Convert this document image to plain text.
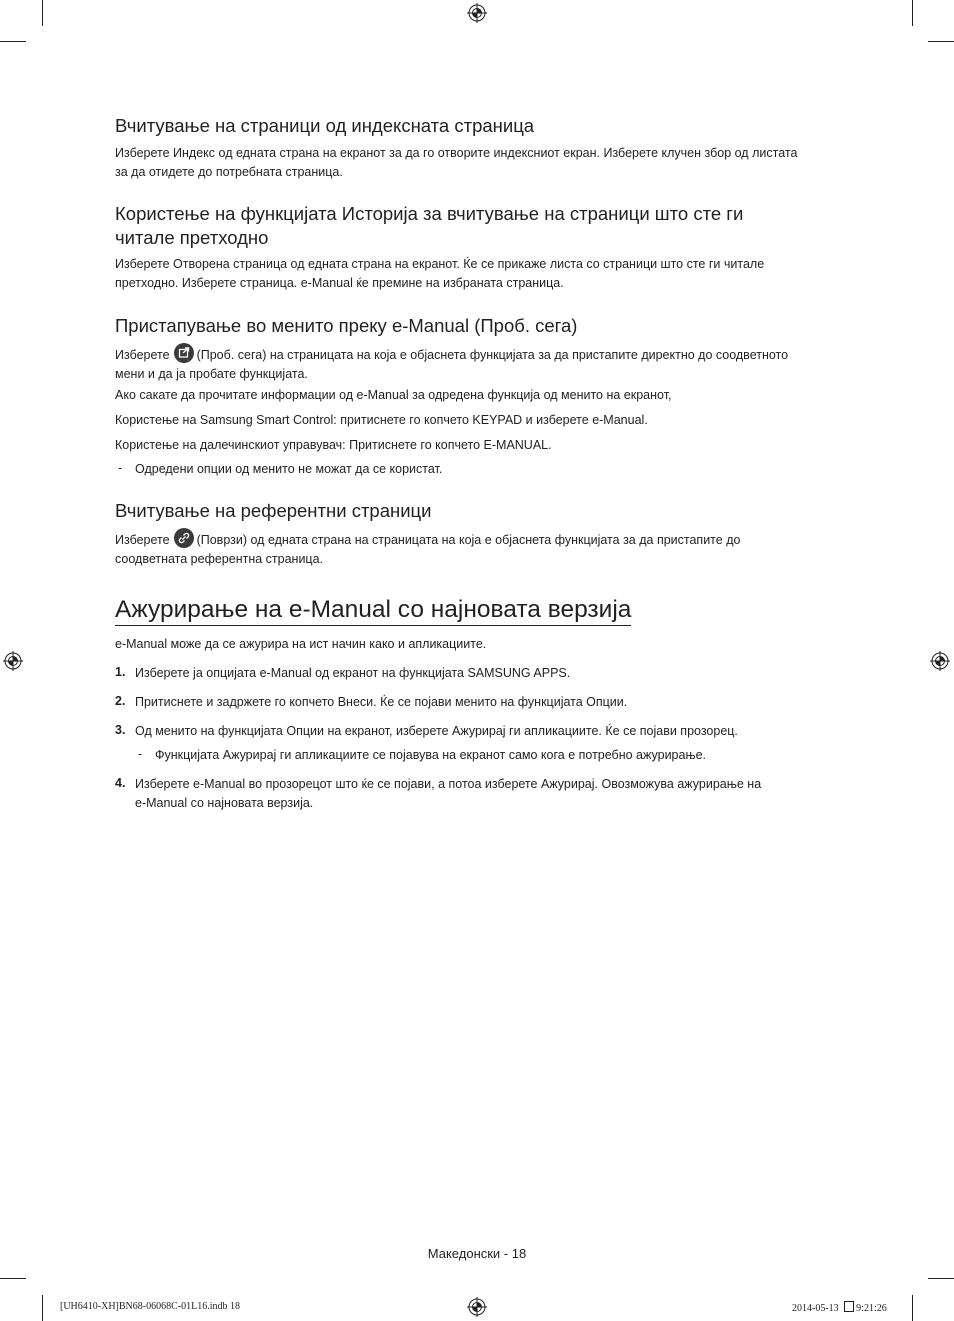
Вчитување на страници од индексната страница

Изберете Индекс од едната страна на екранот за да го отворите индексниот екран. Изберете клучен збор од листата
за да отидете до потребната страница.

Користење на функцијата Историја за вчитување на страници што сте ги
читале претходно

Изберете Отворена страница од едната страна на екранот. Ќе се прикаже листа со страници што сте ги читале
претходно. Изберете страница. e-Manual ќе премине на избраната страница.

Пристапување во менито преку e-Manual (Проб. сега)

Изберете (Проб. сега) на страницата на која е објаснета функцијата за да пристапите директно до соодветното
мени и да ја пробате функцијата.

Ако сакате да прочитате информации од e-Manual за одредена функција од менито на екранот,

Користење на Samsung Smart Control: притиснете го копчето KEYPAD и изберете e-Manual.

Користење на далечинскиот управувач: Притиснете го копчето E-MANUAL.

- Одредени опции од менито не можат да се користат.

Вчитување на референтни страници

Изберете (Поврзи) од едната страна на страницата на која е објаснета функцијата за да пристапите до
соодветната референтна страница.

Ажурирање на e-Manual со најновата верзија

e-Manual може да се ажурира на ист начин како и апликациите.

1. Изберете ја опцијата e-Manual од екранот на функцијата SAMSUNG APPS.

2. Притиснете и задржете го копчето Внеси. Ќе се појави менито на функцијата Опции.

3. Од менито на функцијата Опции на екранот, изберете Ажурирај ги апликациите. Ќе се појави прозорец.

- Функцијата Ажурирај ги апликациите се појавува на екранот само кога е потребно ажурирање.

4. Изберете e-Manual во прозорецот што ќе се појави, а потоа изберете Ажурирај. Овозможува ажурирање на
e-Manual со најновата верзија.

Македонски - 18
[UH6410-XH]BN68-06068C-01L16.indb 18	2014-05-13 9:21:26
